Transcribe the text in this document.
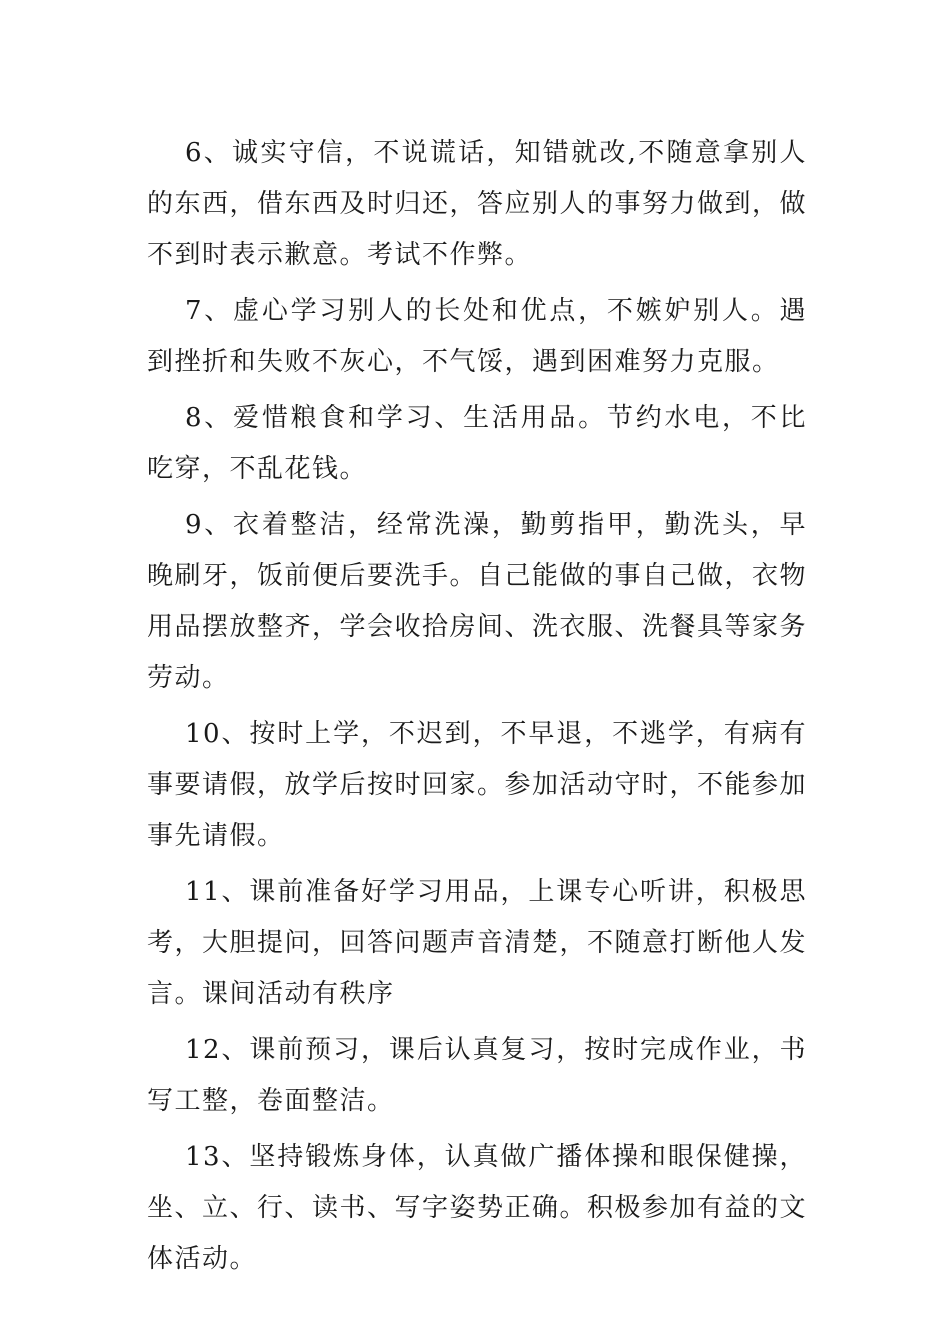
6、诚实守信，不说谎话，知错就改,不随意拿别人的东西，借东西及时归还，答应别人的事努力做到，做不到时表示歉意。考试不作弊。

7、虚心学习别人的长处和优点，不嫉妒别人。遇到挫折和失败不灰心，不气馁，遇到困难努力克服。

8、爱惜粮食和学习、生活用品。节约水电，不比吃穿，不乱花钱。

9、衣着整洁，经常洗澡，勤剪指甲，勤洗头，早晚刷牙，饭前便后要洗手。自己能做的事自己做，衣物用品摆放整齐，学会收拾房间、洗衣服、洗餐具等家务劳动。

10、按时上学，不迟到，不早退，不逃学，有病有事要请假，放学后按时回家。参加活动守时，不能参加事先请假。

11、课前准备好学习用品，上课专心听讲，积极思考，大胆提问，回答问题声音清楚，不随意打断他人发言。课间活动有秩序

12、课前预习，课后认真复习，按时完成作业，书写工整，卷面整洁。

13、坚持锻炼身体，认真做广播体操和眼保健操，坐、立、行、读书、写字姿势正确。积极参加有益的文体活动。
